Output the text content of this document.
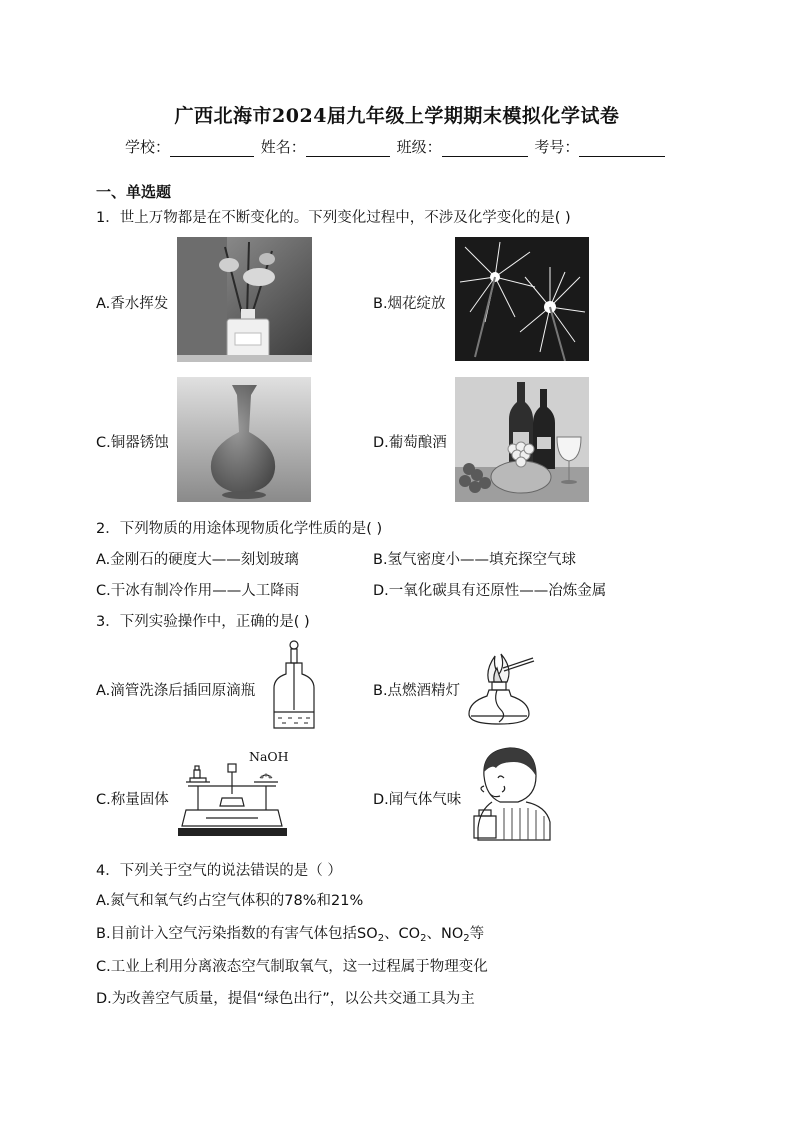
广西北海市2024届九年级上学期期末模拟化学试卷
学校：	姓名：	班级：	考号：
一、单选题
1．世上万物都是在不断变化的。下列变化过程中，不涉及化学变化的是( )
A.香水挥发	B.烟花绽放
C.铜器锈蚀	D.葡萄酿酒
2．下列物质的用途体现物质化学性质的是( )
A.金刚石的硬度大——刻划玻璃	B.氢气密度小——填充探空气球
C.干冰有制冷作用——人工降雨	D.一氧化碳具有还原性——冶炼金属
3．下列实验操作中，正确的是( )
A.滴管洗涤后插回原滴瓶	B.点燃酒精灯
C.称量固体
NaOH
D.闻气体气味
4．下列关于空气的说法错误的是（ ）
A.氮气和氧气约占空气体积的78%和21%
B.目前计入空气污染指数的有害气体包括$SO_2$、$CO_2$、$NO_2$等
C.工业上利用分离液态空气制取氧气，这一过程属于物理变化
D.为改善空气质量，提倡“绿色出行”，以公共交通工具为主
